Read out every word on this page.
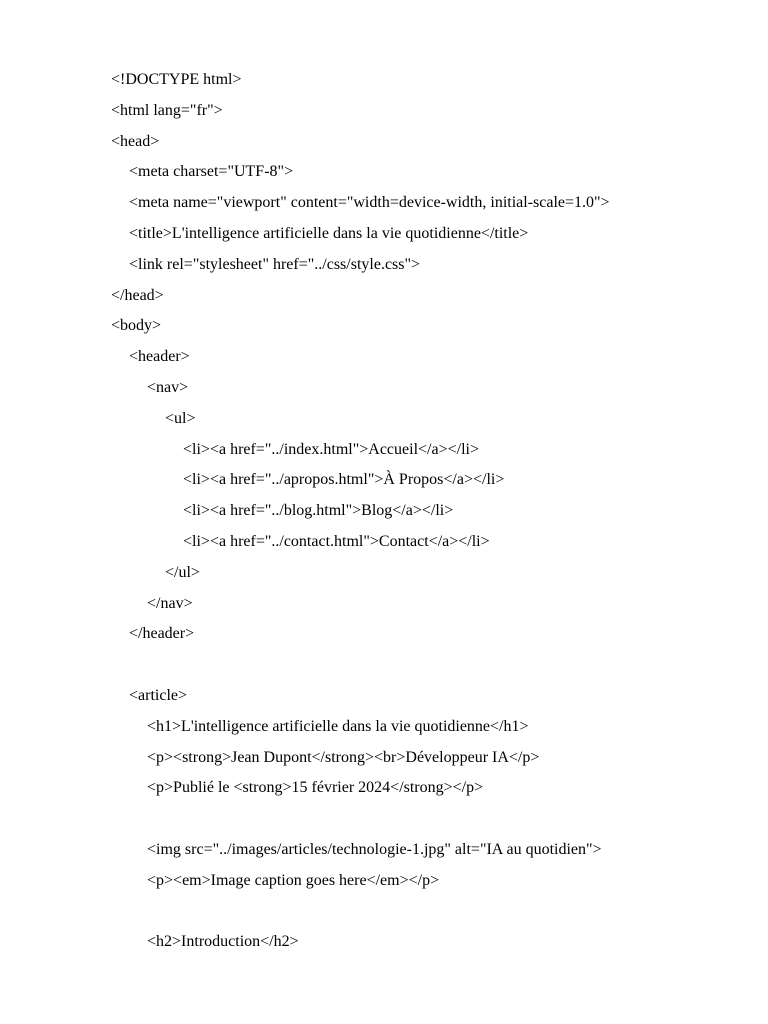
<!DOCTYPE html>
<html lang="fr">
<head>
<meta charset="UTF-8">
<meta name="viewport" content="width=device-width, initial-scale=1.0">
<title>L'intelligence artificielle dans la vie quotidienne</title>
<link rel="stylesheet" href="../css/style.css">
</head>
<body>
<header>
<nav>
<ul>
<li><a href="../index.html">Accueil</a></li>
<li><a href="../apropos.html">À Propos</a></li>
<li><a href="../blog.html">Blog</a></li>
<li><a href="../contact.html">Contact</a></li>
</ul>
</nav>
</header>
<article>
<h1>L'intelligence artificielle dans la vie quotidienne</h1>
<p><strong>Jean Dupont</strong><br>Développeur IA</p>
<p>Publié le <strong>15 février 2024</strong></p>
<img src="../images/articles/technologie-1.jpg" alt="IA au quotidien">
<p><em>Image caption goes here</em></p>
<h2>Introduction</h2>
